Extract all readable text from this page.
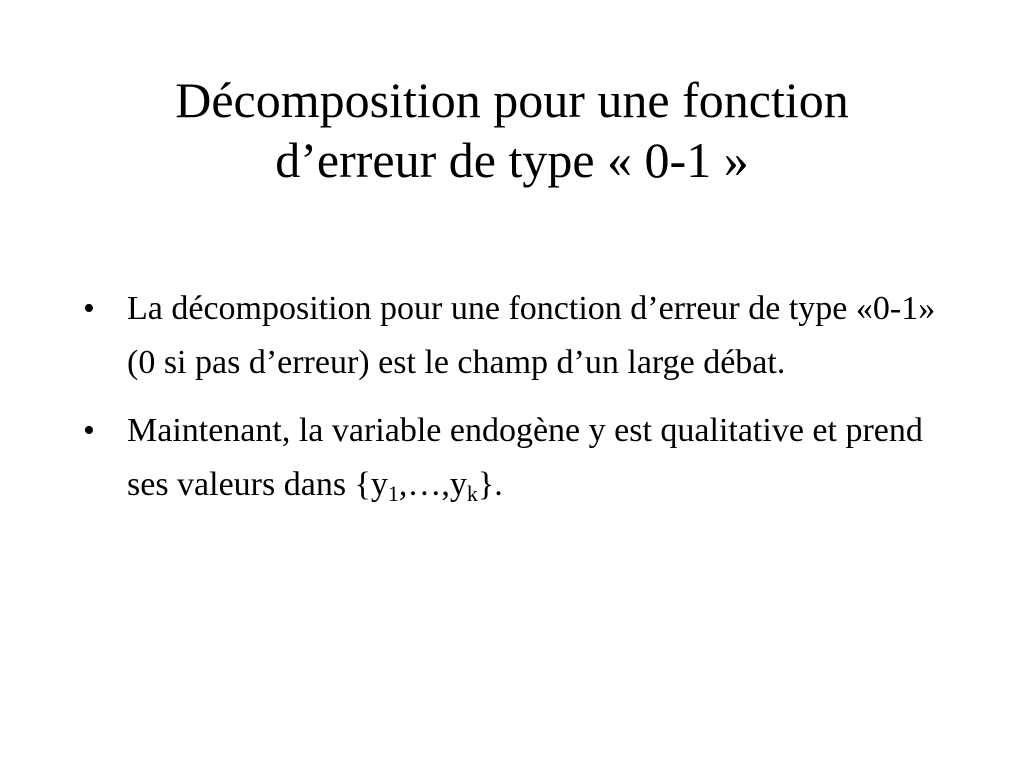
Décomposition pour une fonction
d’erreur de type « 0-1 »
• La décomposition pour une fonction d’erreur de type «0-1» (0 si pas d’erreur) est le champ d’un large débat.
• Maintenant, la variable endogène y est qualitative et prend ses valeurs dans $\{y_1,\dots,y_k\}$.
